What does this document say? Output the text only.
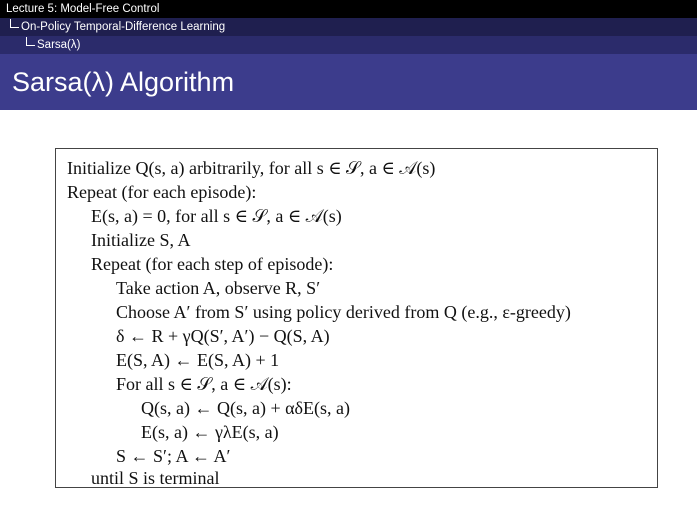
Lecture 5: Model-Free Control
On-Policy Temporal-Difference Learning
Sarsa(λ)
Sarsa(λ) Algorithm
Initialize Q(s, a) arbitrarily, for all s ∈ 𝒮, a ∈ 𝒜(s)
Repeat (for each episode):
E(s, a) = 0, for all s ∈ 𝒮, a ∈ 𝒜(s)
Initialize S, A
Repeat (for each step of episode):
Take action A, observe R, S′
Choose A′ from S′ using policy derived from Q (e.g., ε-greedy)
δ ← R + γQ(S′, A′) − Q(S, A)
E(S, A) ← E(S, A) + 1
For all s ∈ 𝒮, a ∈ 𝒜(s):
Q(s, a) ← Q(s, a) + αδE(s, a)
E(s, a) ← γλE(s, a)
S ← S′; A ← A′
until S is terminal
